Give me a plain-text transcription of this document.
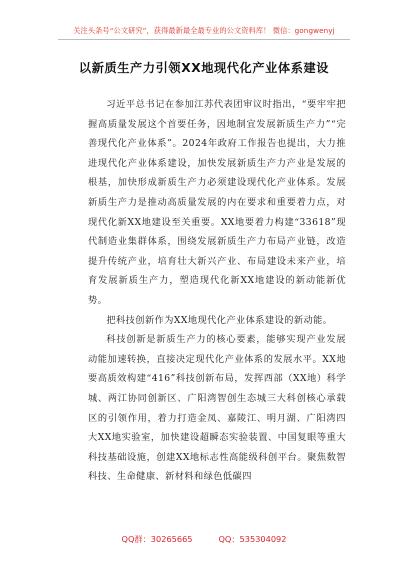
关注头条号“公文研究”，获得最新最全最专业的公文资料库！ 微信：gongwenyj
以新质生产力引领XX地现代化产业体系建设

习近平总书记在参加江苏代表团审议时指出，“要牢牢把握高质量发展这个首要任务，因地制宜发展新质生产力”“完善现代化产业体系”。2024年政府工作报告也提出，大力推进现代化产业体系建设，加快发展新质生产力产业是发展的根基，加快形成新质生产力必须建设现代化产业体系。发展新质生产力是推动高质量发展的内在要求和重要着力点，对现代化新XX地建设至关重要。XX地要着力构建“33618”现代制造业集群体系，围绕发展新质生产力布局产业链，改造提升传统产业，培育壮大新兴产业、布局建设未来产业，培育发展新质生产力，塑造现代化新XX地建设的新动能新优势。

把科技创新作为XX地现代化产业体系建设的新动能。

科技创新是新质生产力的核心要素，能够实现产业发展动能加速转换，直接决定现代化产业体系的发展水平。XX地要高质效构建“416”科技创新布局，发挥西部（XX地）科学城、两江协同创新区、广阳湾智创生态城三大科创核心承载区的引领作用，着力打造金凤、嘉陵江、明月湖、广阳湾四大XX地实验室，加快建设超瞬态实验装置、中国复眼等重大科技基础设施，创建XX地标志性高能级科创平台。聚焦数智科技、生命健康、新材料和绿色低碳四

QQ群：30265665	QQ：535304092
